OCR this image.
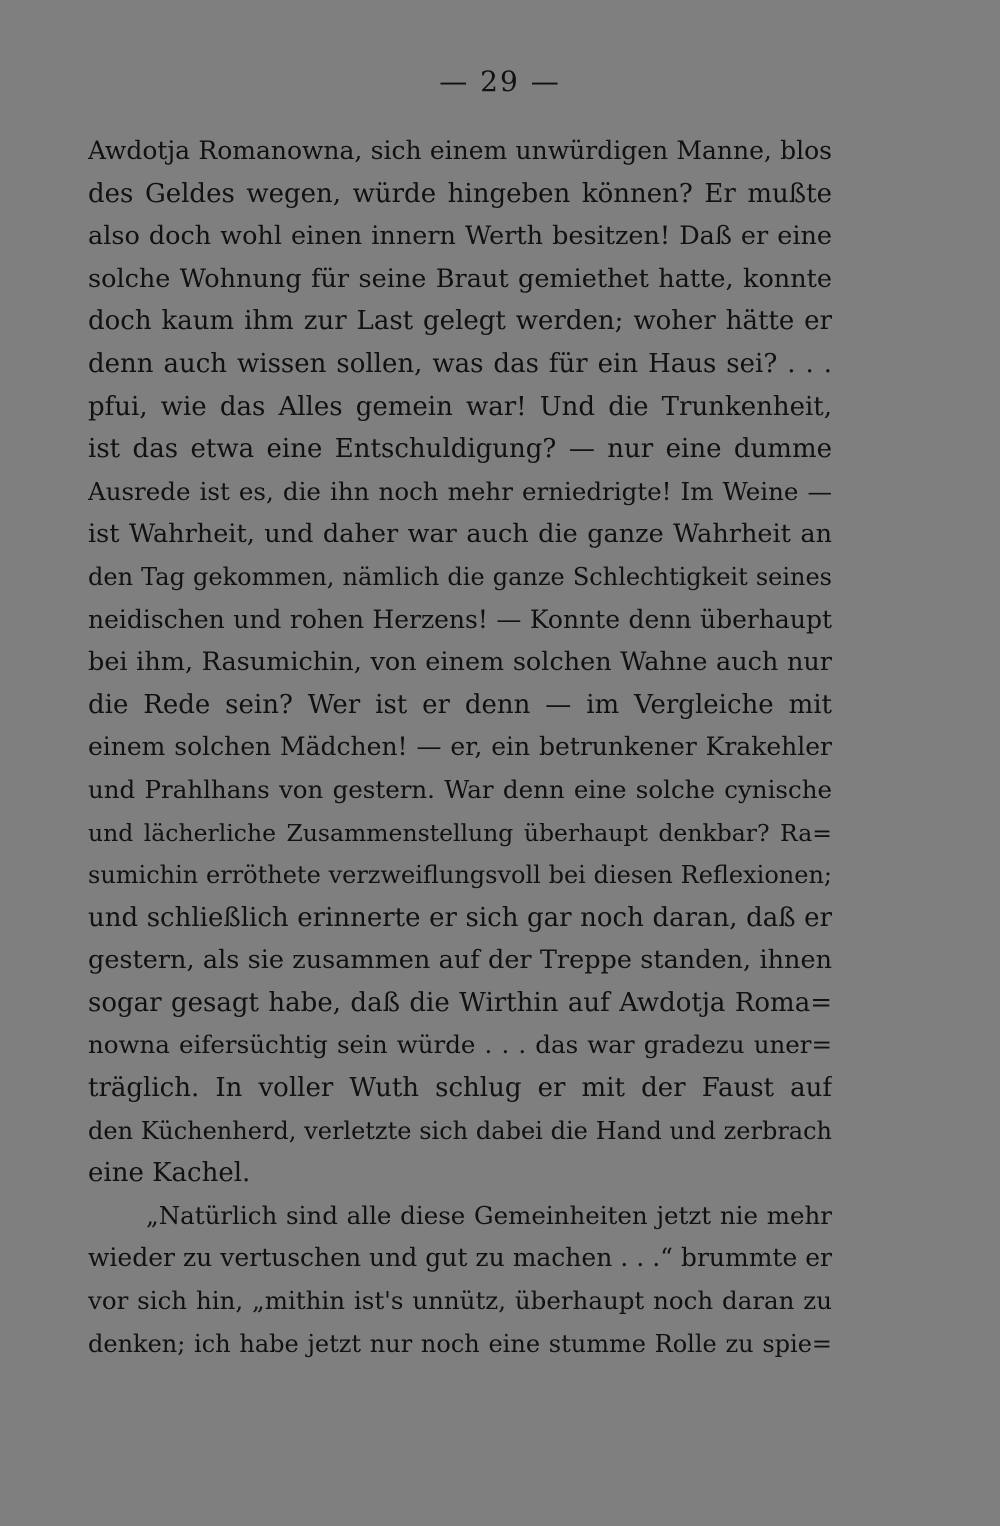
— 29 —
Awdotja Romanowna, sich einem unwürdigen Manne, blos
des Geldes wegen, würde hingeben können? Er mußte
also doch wohl einen innern Werth besitzen! Daß er eine
solche Wohnung für seine Braut gemiethet hatte, konnte
doch kaum ihm zur Last gelegt werden; woher hätte er
denn auch wissen sollen, was das für ein Haus sei? . . .
pfui, wie das Alles gemein war! Und die Trunkenheit,
ist das etwa eine Entschuldigung? — nur eine dumme
Ausrede ist es, die ihn noch mehr erniedrigte! Im Weine —
ist Wahrheit, und daher war auch die ganze Wahrheit an
den Tag gekommen, nämlich die ganze Schlechtigkeit seines
neidischen und rohen Herzens! — Konnte denn überhaupt
bei ihm, Rasumichin, von einem solchen Wahne auch nur
die Rede sein? Wer ist er denn — im Vergleiche mit
einem solchen Mädchen! — er, ein betrunkener Krakehler
und Prahlhans von gestern. War denn eine solche cynische
und lächerliche Zusammenstellung überhaupt denkbar? Ra=
sumichin erröthete verzweiflungsvoll bei diesen Reflexionen;
und schließlich erinnerte er sich gar noch daran, daß er
gestern, als sie zusammen auf der Treppe standen, ihnen
sogar gesagt habe, daß die Wirthin auf Awdotja Roma=
nowna eifersüchtig sein würde . . . das war gradezu uner=
träglich. In voller Wuth schlug er mit der Faust auf
den Küchenherd, verletzte sich dabei die Hand und zerbrach
eine Kachel.
„Natürlich sind alle diese Gemeinheiten jetzt nie mehr
wieder zu vertuschen und gut zu machen . . .“ brummte er
vor sich hin, „mithin ist's unnütz, überhaupt noch daran zu
denken; ich habe jetzt nur noch eine stumme Rolle zu spie=
